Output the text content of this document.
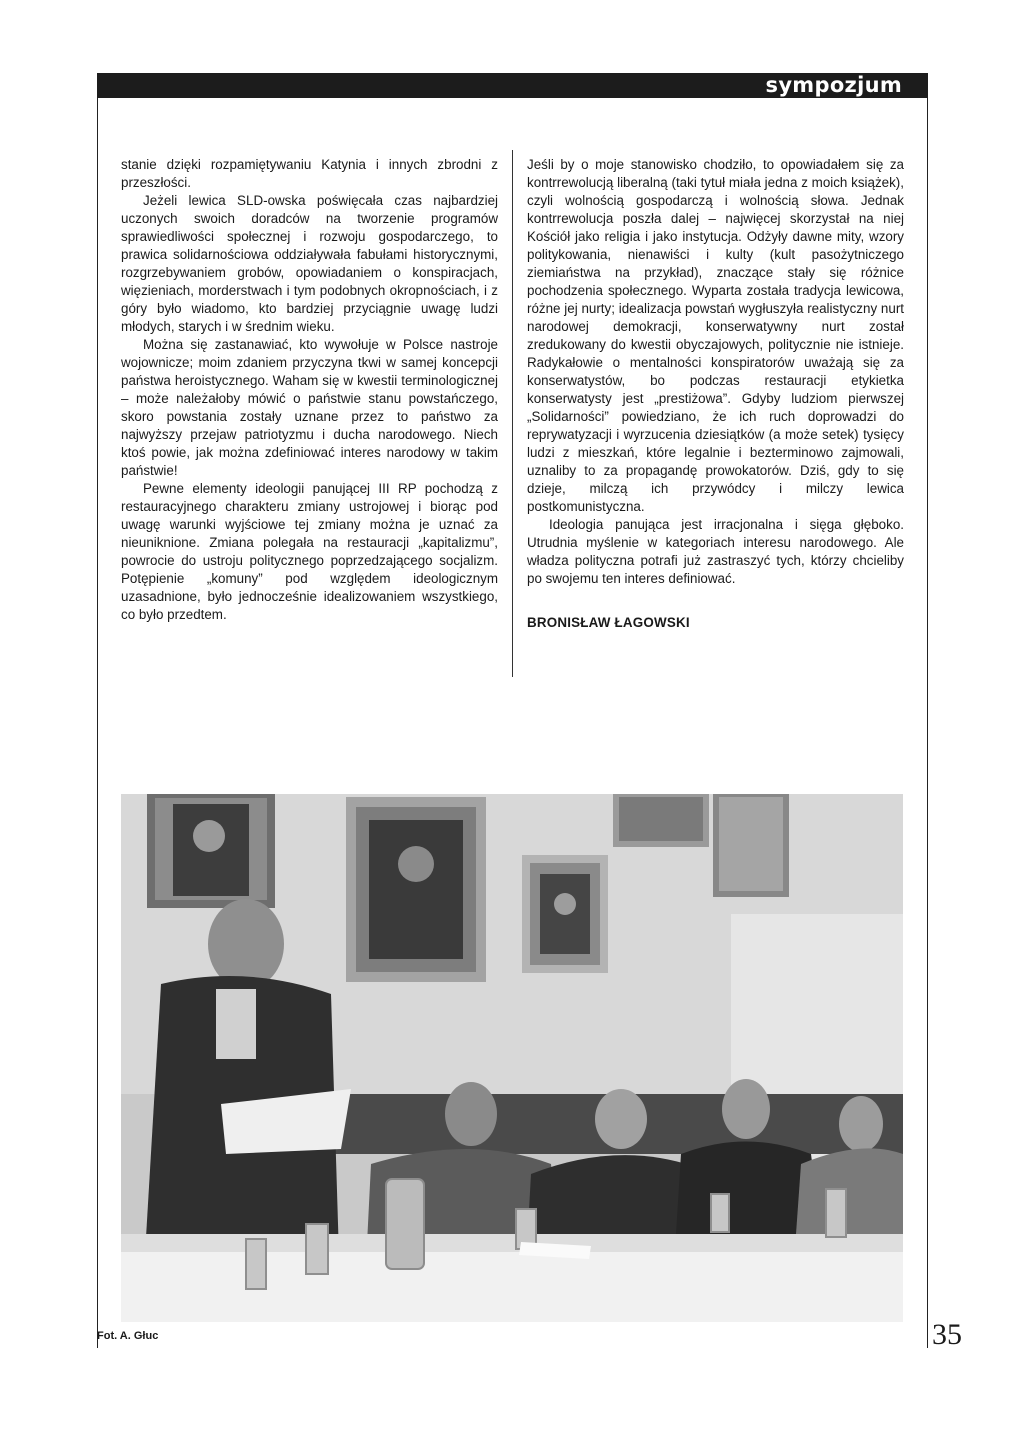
sympozjum

stanie dzięki rozpamiętywaniu Katynia i innych zbrodni z przeszłości.

Jeżeli lewica SLD-owska poświęcała czas najbardziej uczonych swoich doradców na tworzenie programów sprawiedliwości społecznej i rozwoju gospodarczego, to prawica solidarnościowa oddziaływała fabułami historycznymi, rozgrzebywaniem grobów, opowiadaniem o konspiracjach, więzieniach, morderstwach i tym podobnych okropnościach, i z góry było wiadomo, kto bardziej przyciągnie uwagę ludzi młodych, starych i w średnim wieku.

Można się zastanawiać, kto wywołuje w Polsce nastroje wojownicze; moim zdaniem przyczyna tkwi w samej koncepcji państwa heroistycznego. Waham się w kwestii terminologicznej – może należałoby mówić o państwie stanu powstańczego, skoro powstania zostały uznane przez to państwo za najwyższy przejaw patriotyzmu i ducha narodowego. Niech ktoś powie, jak można zdefiniować interes narodowy w takim państwie!

Pewne elementy ideologii panującej III RP pochodzą z restauracyjnego charakteru zmiany ustrojowej i biorąc pod uwagę warunki wyjściowe tej zmiany można je uznać za nieuniknione. Zmiana polegała na restauracji „kapitalizmu”, powrocie do ustroju politycznego poprzedzającego socjalizm. Potępienie „komuny” pod względem ideologicznym uzasadnione, było jednocześnie idealizowaniem wszystkiego, co było przedtem.

Jeśli by o moje stanowisko chodziło, to opowiadałem się za kontrrewolucją liberalną (taki tytuł miała jedna z moich książek), czyli wolnością gospodarczą i wolnością słowa. Jednak kontrrewolucja poszła dalej – najwięcej skorzystał na niej Kościół jako religia i jako instytucja. Odżyły dawne mity, wzory politykowania, nienawiści i kulty (kult pasożytniczego ziemiaństwa na przykład), znaczące stały się różnice pochodzenia społecznego. Wyparta została tradycja lewicowa, różne jej nurty; idealizacja powstań wygłuszyła realistyczny nurt narodowej demokracji, konserwatywny nurt został zredukowany do kwestii obyczajowych, politycznie nie istnieje. Radykałowie o mentalności konspiratorów uważają się za konserwatystów, bo podczas restauracji etykietka konserwatysty jest „prestiżowa”. Gdyby ludziom pierwszej „Solidarności” powiedziano, że ich ruch doprowadzi do reprywatyzacji i wyrzucenia dziesiątków (a może setek) tysięcy ludzi z mieszkań, które legalnie i bezterminowo zajmowali, uznaliby to za propagandę prowokatorów. Dziś, gdy to się dzieje, milczą ich przywódcy i milczy lewica postkomunistyczna.

Ideologia panująca jest irracjonalna i sięga głęboko. Utrudnia myślenie w kategoriach interesu narodowego. Ale władza polityczna potrafi już zastraszyć tych, którzy chcieliby po swojemu ten interes definiować.

BRONISŁAW ŁAGOWSKI

Fot. A. Głuc	35
